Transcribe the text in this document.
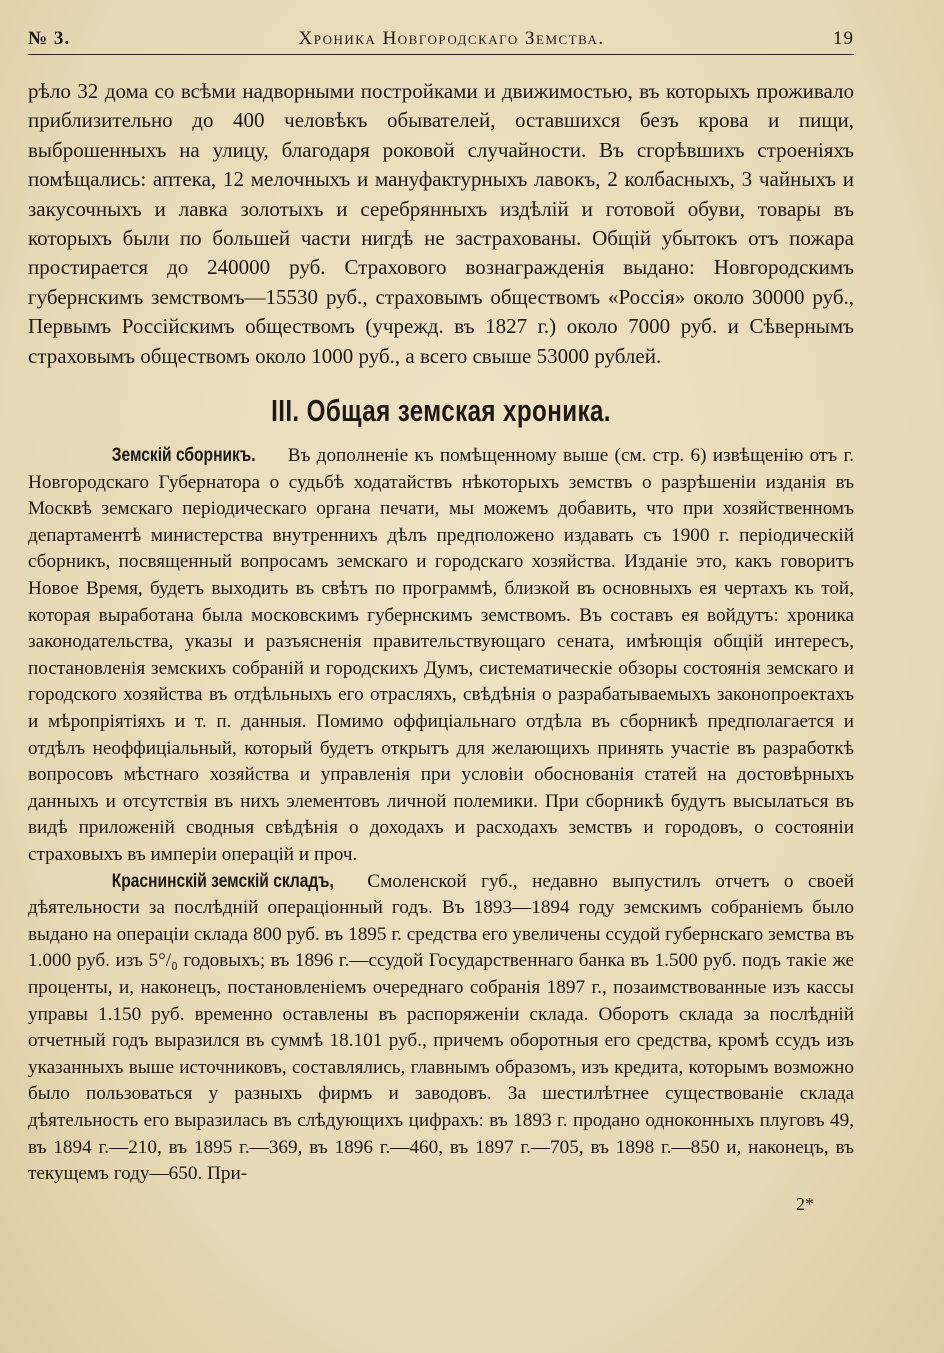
№ 3.	Хроника Новгородскаго Земства.	19

рѣло 32 дома со всѣми надворными постройками и движимостью, въ которыхъ проживало приблизительно до 400 человѣкъ обывателей, оставшихся безъ крова и пищи, выброшенныхъ на улицу, благодаря роковой случайности. Въ сгорѣвшихъ строеніяхъ помѣщались: аптека, 12 мелочныхъ и мануфактурныхъ лавокъ, 2 колбасныхъ, 3 чайныхъ и закусочныхъ и лавка золотыхъ и серебрянныхъ издѣлій и готовой обуви, товары въ которыхъ были по большей части нигдѣ не застрахованы. Общій убытокъ отъ пожара простирается до 240000 руб. Страхового вознагражденія выдано: Новгородскимъ губернскимъ земствомъ—15530 руб., страховымъ обществомъ «Россія» около 30000 руб., Первымъ Россійскимъ обществомъ (учрежд. въ 1827 г.) около 7000 руб. и Сѣвернымъ страховымъ обществомъ около 1000 руб., а всего свыше 53000 рублей.

III. Общая земская хроника.

Земскій сборникъ. Въ дополненіе къ помѣщенному выше (см. стр. 6) извѣщенію отъ г. Новгородскаго Губернатора о судьбѣ ходатайствъ нѣкоторыхъ земствъ о разрѣшеніи изданія въ Москвѣ земскаго періодическаго органа печати, мы можемъ добавить, что при хозяйственномъ департаментѣ министерства внутреннихъ дѣлъ предположено издавать съ 1900 г. періодическій сборникъ, посвященный вопросамъ земскаго и городскаго хозяйства. Изданіе это, какъ говоритъ Новое Время, будетъ выходить въ свѣтъ по программѣ, близкой въ основныхъ ея чертахъ къ той, которая выработана была московскимъ губернскимъ земствомъ. Въ составъ ея войдутъ: хроника законодательства, указы и разъясненія правительствующаго сената, имѣющія общій интересъ, постановленія земскихъ собраній и городскихъ Думъ, систематическіе обзоры состоянія земскаго и городского хозяйства въ отдѣльныхъ его отрасляхъ, свѣдѣнія о разрабатываемыхъ законопроектахъ и мѣропріятіяхъ и т. п. данныя. Помимо оффиціальнаго отдѣла въ сборникѣ предполагается и отдѣлъ неоффиціальный, который будетъ открытъ для желающихъ принять участіе въ разработкѣ вопросовъ мѣстнаго хозяйства и управленія при условіи обоснованія статей на достовѣрныхъ данныхъ и отсутствія въ нихъ элементовъ личной полемики. При сборникѣ будутъ высылаться въ видѣ приложеній сводныя свѣдѣнія о доходахъ и расходахъ земствъ и городовъ, о состояніи страховыхъ въ имперіи операцій и проч.

Краснинскій земскій складъ, Смоленской губ., недавно выпустилъ отчетъ о своей дѣятельности за послѣдній операціонный годъ. Въ 1893—1894 году земскимъ собраніемъ было выдано на операціи склада 800 руб. въ 1895 г. средства его увеличены ссудой губернскаго земства въ 1.000 руб. изъ 5°/₀ годовыхъ; въ 1896 г.—ссудой Государственнаго банка въ 1.500 руб. подъ такіе же проценты, и, наконецъ, постановленіемъ очереднаго собранія 1897 г., позаимствованные изъ кассы управы 1.150 руб. временно оставлены въ распоряженіи склада. Оборотъ склада за послѣдній отчетный годъ выразился въ суммѣ 18.101 руб., причемъ оборотныя его средства, кромѣ ссудъ изъ указанныхъ выше источниковъ, составлялись, главнымъ образомъ, изъ кредита, которымъ возможно было пользоваться у разныхъ фирмъ и заводовъ. За шестилѣтнее существованіе склада дѣятельность его выразилась въ слѣдующихъ цифрахъ: въ 1893 г. продано одноконныхъ плуговъ 49, въ 1894 г.—210, въ 1895 г.—369, въ 1896 г.—460, въ 1897 г.—705, въ 1898 г.—850 и, наконецъ, въ текущемъ году—650. При-

2*
